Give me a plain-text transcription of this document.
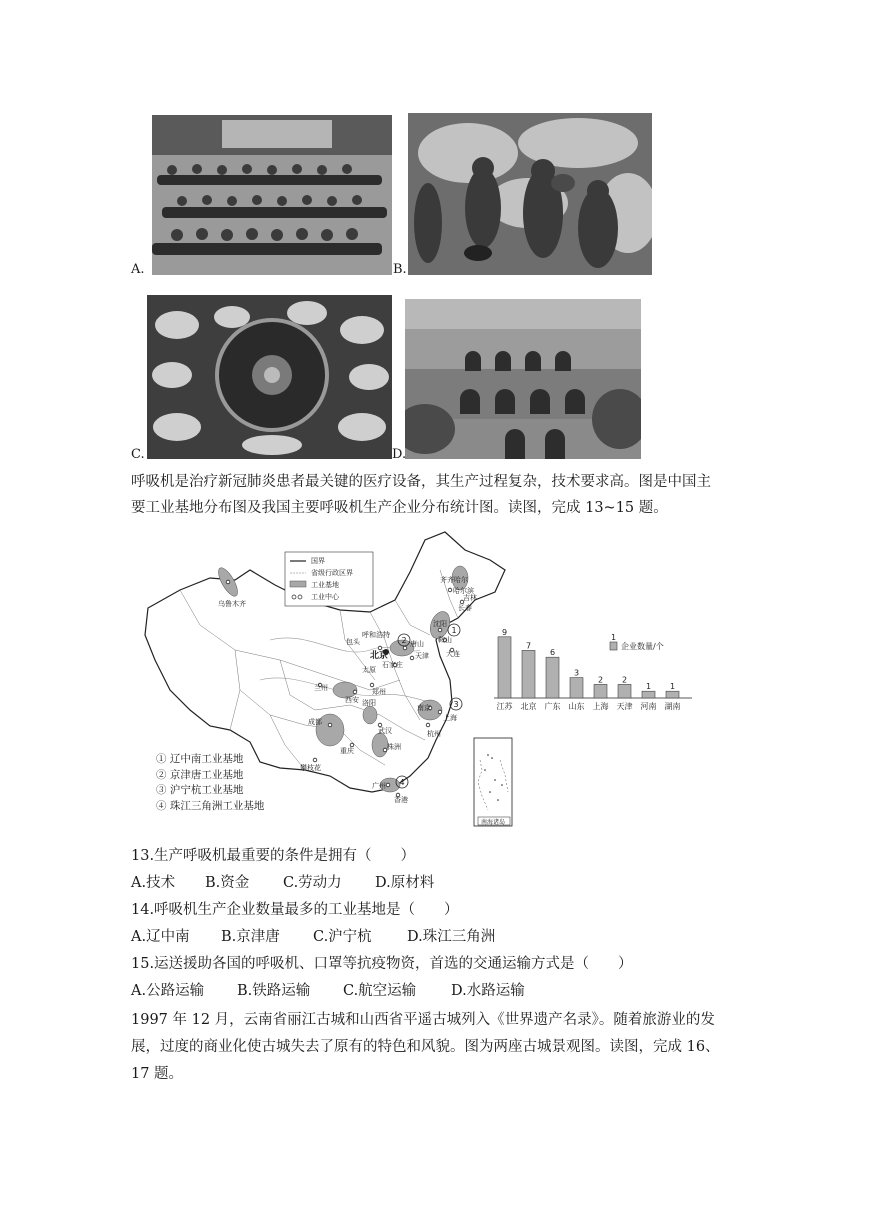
A.	B.
C.	D.
呼吸机是治疗新冠肺炎患者最关键的医疗设备，其生产过程复杂，技术要求高。图是中国主
要工业基地分布图及我国主要呼吸机生产企业分布统计图。读图，完成 13~15 题。
1
2
3
4
乌鲁木齐
齐齐哈尔
哈尔滨
长春
吉林
沈阳
鞍山
大连
包头
呼和浩特
北京
唐山
天津
太原
石家庄
兰州
西安
郑州
洛阳
南京
上海
杭州
武汉
成都
重庆	株洲
攀枝花
广州
香港
国界
省级行政区界
工业基地
工业中心
南海诸岛
① 辽中南工业基地
② 京津唐工业基地
③ 沪宁杭工业基地
④ 珠江三角洲工业基地
9
江苏
7
北京
6
广东
3
山东
2
上海
2
天津
1
河南
1
湖南
1
企业数量/个
13.生产呼吸机最重要的条件是拥有（　　）
A.技术 B.资金 C.劳动力 D.原材料
14.呼吸机生产企业数量最多的工业基地是（　　）
A.辽中南 B.京津唐 C.沪宁杭 D.珠江三角洲
15.运送援助各国的呼吸机、口罩等抗疫物资，首选的交通运输方式是（　　）
A.公路运输 B.铁路运输 C.航空运输 D.水路运输
1997 年 12 月，云南省丽江古城和山西省平遥古城列入《世界遗产名录》。随着旅游业的发
展，过度的商业化使古城失去了原有的特色和风貌。图为两座古城景观图。读图，完成 16、
17 题。
